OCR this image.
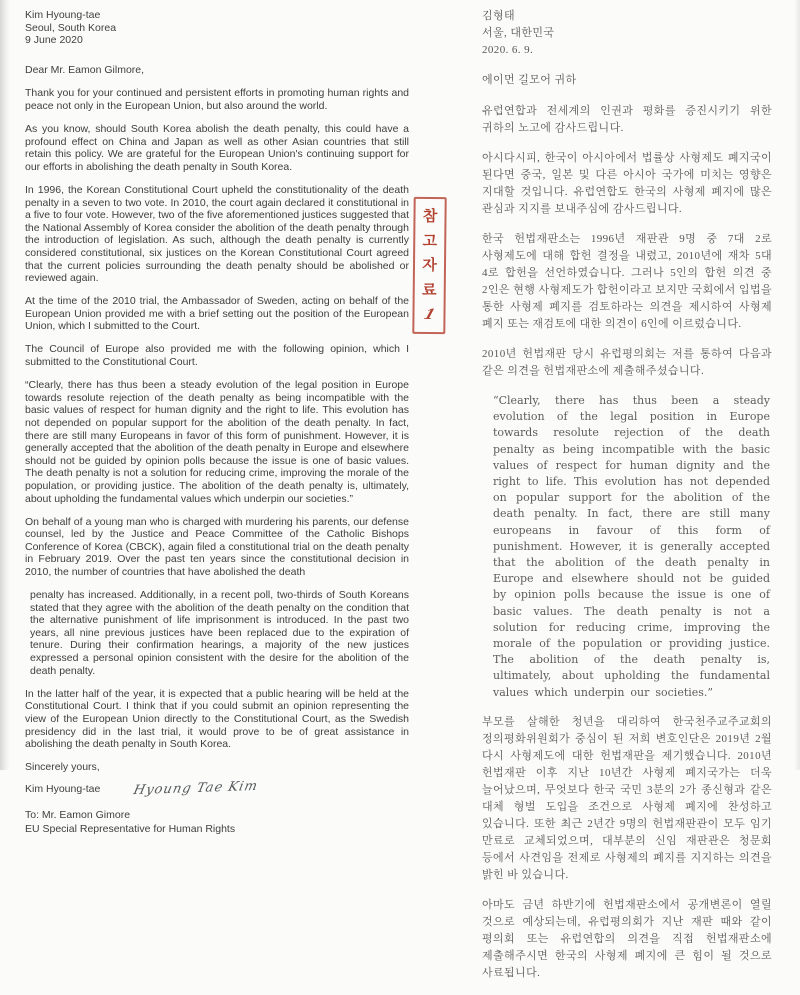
Kim Hyoung-tae
Seoul, South Korea
9 June 2020
Dear Mr. Eamon Gilmore,

Thank you for your continued and persistent efforts in promoting human rights and peace not only in the European Union, but also around the world.

As you know, should South Korea abolish the death penalty, this could have a profound effect on China and Japan as well as other Asian countries that still retain this policy. We are grateful for the European Union's continuing support for our efforts in abolishing the death penalty in South Korea.

In 1996, the Korean Constitutional Court upheld the constitutionality of the death penalty in a seven to two vote. In 2010, the court again declared it constitutional in a five to four vote. However, two of the five aforementioned justices suggested that the National Assembly of Korea consider the abolition of the death penalty through the introduction of legislation. As such, although the death penalty is currently considered constitutional, six justices on the Korean Constitutional Court agreed that the current policies surrounding the death penalty should be abolished or reviewed again.

At the time of the 2010 trial, the Ambassador of Sweden, acting on behalf of the European Union provided me with a brief setting out the position of the European Union, which I submitted to the Court.

The Council of Europe also provided me with the following opinion, which I submitted to the Constitutional Court.

“Clearly, there has thus been a steady evolution of the legal position in Europe towards resolute rejection of the death penalty as being incompatible with the basic values of respect for human dignity and the right to life. This evolution has not depended on popular support for the abolition of the death penalty. In fact, there are still many Europeans in favor of this form of punishment. However, it is generally accepted that the abolition of the death penalty in Europe and elsewhere should not be guided by opinion polls because the issue is one of basic values. The death penalty is not a solution for reducing crime, improving the morale of the population, or providing justice. The abolition of the death penalty is, ultimately, about upholding the fundamental values which underpin our societies.”

On behalf of a young man who is charged with murdering his parents, our defense counsel, led by the Justice and Peace Committee of the Catholic Bishops Conference of Korea (CBCK), again filed a constitutional trial on the death penalty in February 2019. Over the past ten years since the constitutional decision in 2010, the number of countries that have abolished the death

penalty has increased. Additionally, in a recent poll, two-thirds of South Koreans stated that they agree with the abolition of the death penalty on the condition that the alternative punishment of life imprisonment is introduced. In the past two years, all nine previous justices have been replaced due to the expiration of tenure. During their confirmation hearings, a majority of the new justices expressed a personal opinion consistent with the desire for the abolition of the death penalty.

In the latter half of the year, it is expected that a public hearing will be held at the Constitutional Court. I think that if you could submit an opinion representing the view of the European Union directly to the Constitutional Court, as the Swedish presidency did in the last trial, it would prove to be of great assistance in abolishing the death penalty in South Korea.

Sincerely yours,
Kim Hyoung-tae Hyoung Tae Kim
To: Mr. Eamon Gimore
EU Special Representative for Human Rights
참
고
자
료
1
김형태
서울, 대한민국
2020. 6. 9.
에이먼 길모어 귀하

유럽연합과 전세계의 인권과 평화를 증진시키기 위한 귀하의 노고에 감사드립니다.

아시다시피, 한국이 아시아에서 법률상 사형제도 폐지국이 된다면 중국, 일본 및 다른 아시아 국가에 미치는 영향은 지대할 것입니다. 유럽연합도 한국의 사형제 폐지에 많은 관심과 지지를 보내주심에 감사드립니다.

한국 헌법재판소는 1996년 재판관 9명 중 7대 2로 사형제도에 대해 합헌 결정을 내렸고, 2010년에 재차 5대 4로 합헌을 선언하였습니다. 그러나 5인의 합헌 의견 중 2인은 현행 사형제도가 합헌이라고 보지만 국회에서 입법을 통한 사형제 폐지를 검토하라는 의견을 제시하여 사형제 폐지 또는 재검토에 대한 의견이 6인에 이르렀습니다.

2010년 헌법재판 당시 유럽평의회는 저를 통하여 다음과 같은 의견을 헌법재판소에 제출해주셨습니다.

“Clearly, there has thus been a steady evolution of the legal position in Europe towards resolute rejection of the death penalty as being incompatible with the basic values of respect for human dignity and the right to life. This evolution has not depended on popular support for the abolition of the death penalty. In fact, there are still many europeans in favour of this form of punishment. However, it is generally accepted that the abolition of the death penalty in Europe and elsewhere should not be guided by opinion polls because the issue is one of basic values. The death penalty is not a solution for reducing crime, improving the morale of the population or providing justice. The abolition of the death penalty is, ultimately, about upholding the fundamental values which underpin our societies.”

부모를 살해한 청년을 대리하여 한국천주교주교회의 정의평화위원회가 중심이 된 저희 변호인단은 2019년 2월 다시 사형제도에 대한 헌법재판을 제기했습니다. 2010년 헌법재판 이후 지난 10년간 사형제 폐지국가는 더욱 늘어났으며, 무엇보다 한국 국민 3분의 2가 종신형과 같은 대체 형벌 도입을 조건으로 사형제 폐지에 찬성하고 있습니다. 또한 최근 2년간 9명의 헌법재판관이 모두 임기 만료로 교체되었으며, 대부분의 신임 재판관은 청문회 등에서 사견임을 전제로 사형제의 폐지를 지지하는 의견을 밝힌 바 있습니다.

아마도 금년 하반기에 헌법재판소에서 공개변론이 열릴 것으로 예상되는데, 유럽평의회가 지난 재판 때와 같이 평의회 또는 유럽연합의 의견을 직접 헌법재판소에 제출해주시면 한국의 사형제 폐지에 큰 힘이 될 것으로 사료됩니다.
